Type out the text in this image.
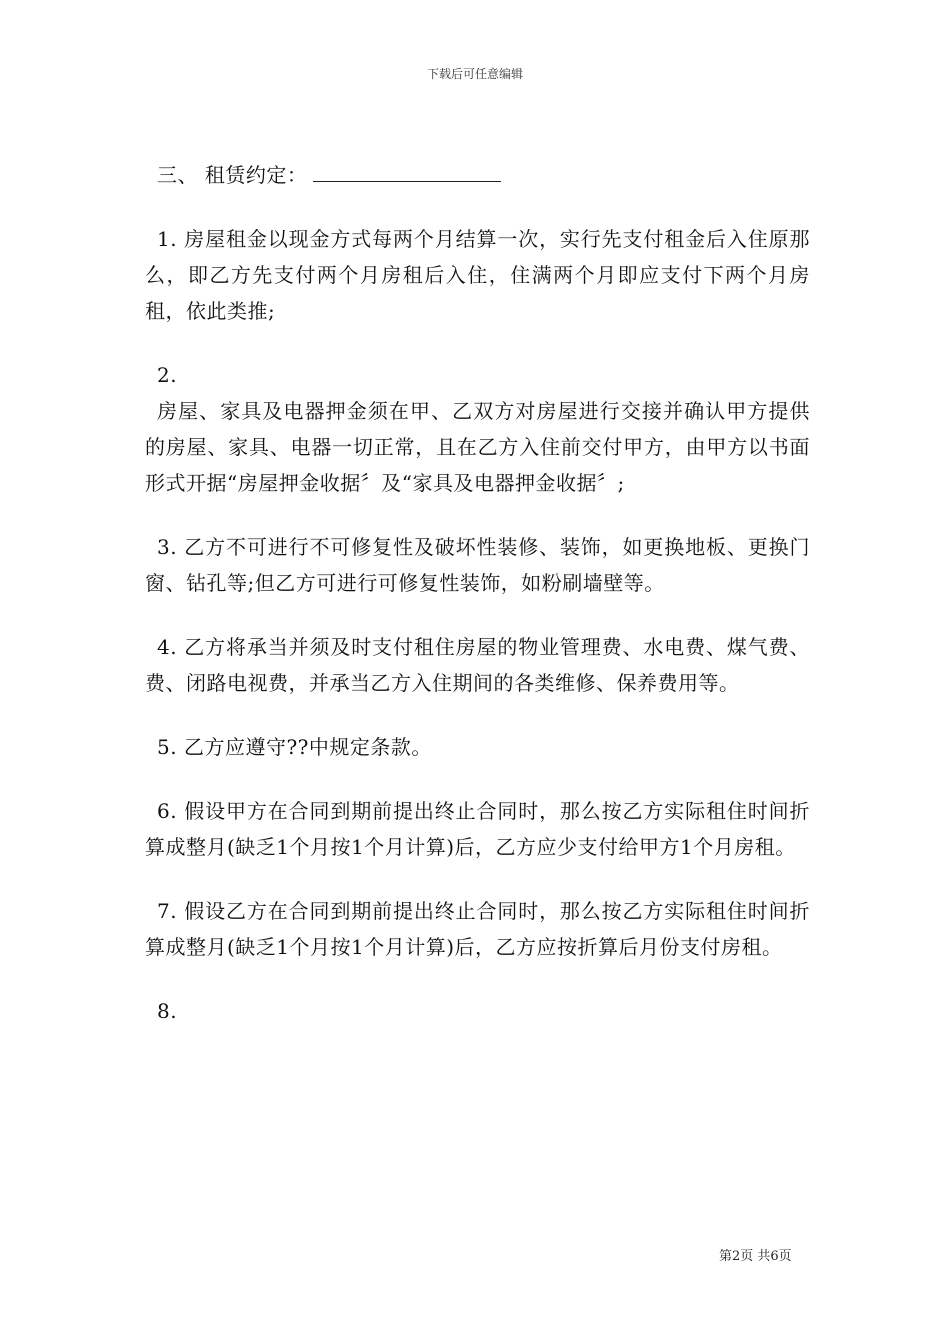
下载后可任意编辑

三、 租赁约定：

1. 房屋租金以现金方式每两个月结算一次，实行先支付租金后入住原那么，即乙方先支付两个月房租后入住，住满两个月即应支付下两个月房租，依此类推;

2.

房屋、家具及电器押金须在甲、乙双方对房屋进行交接并确认甲方提供的房屋、家具、电器一切正常，且在乙方入住前交付甲方，由甲方以书面形式开据“房屋押金收据〞及“家具及电器押金收据〞;

3. 乙方不可进行不可修复性及破坏性装修、装饰，如更换地板、更换门窗、钻孔等;但乙方可进行可修复性装饰，如粉刷墙壁等。

4. 乙方将承当并须及时支付租住房屋的物业管理费、水电费、煤气费、    费、闭路电视费，并承当乙方入住期间的各类维修、保养费用等。

5. 乙方应遵守??中规定条款。

6. 假设甲方在合同到期前提出终止合同时，那么按乙方实际租住时间折算成整月(缺乏1个月按1个月计算)后，乙方应少支付给甲方1个月房租。

7. 假设乙方在合同到期前提出终止合同时，那么按乙方实际租住时间折算成整月(缺乏1个月按1个月计算)后，乙方应按折算后月份支付房租。

8.

第2页 共6页
